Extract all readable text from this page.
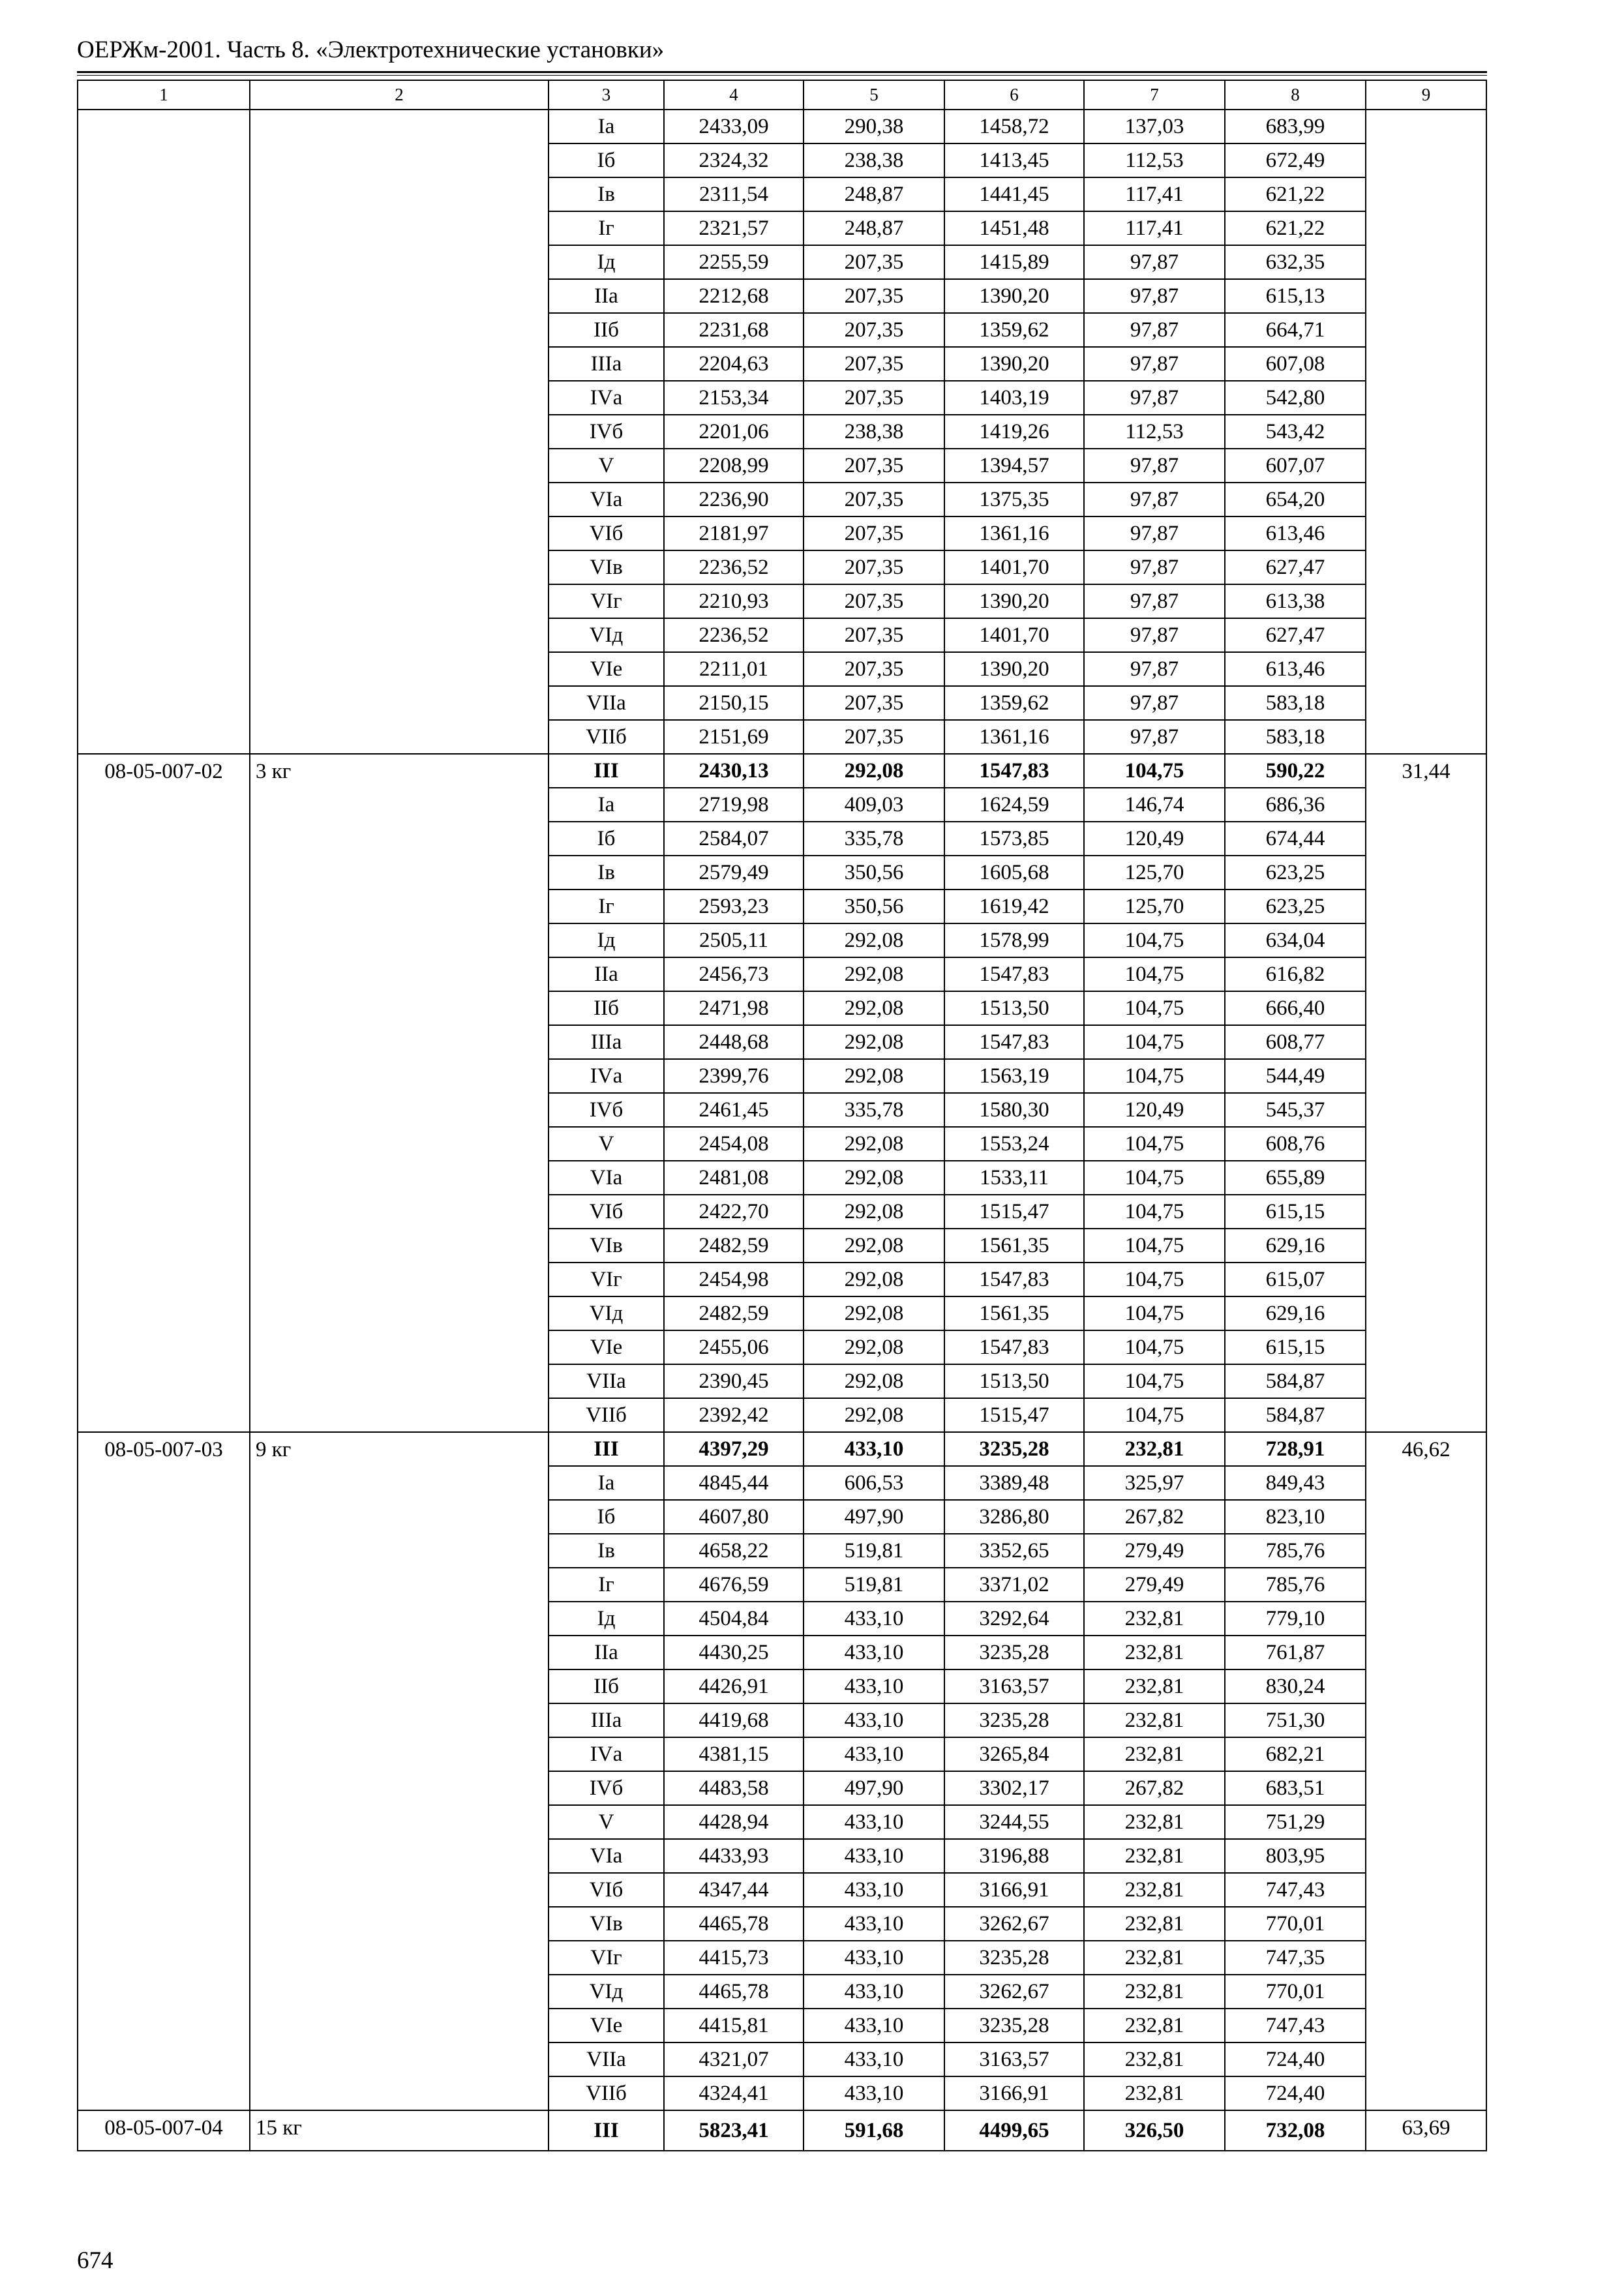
ОЕРЖм-2001. Часть 8. «Электротехнические установки»
1	2	3	4	5	6	7	8	9
		Iа	2433,09	290,38	1458,72	137,03	683,99	
		Iб	2324,32	238,38	1413,45	112,53	672,49	
		Iв	2311,54	248,87	1441,45	117,41	621,22	
		Iг	2321,57	248,87	1451,48	117,41	621,22	
		Iд	2255,59	207,35	1415,89	97,87	632,35	
		IIа	2212,68	207,35	1390,20	97,87	615,13	
		IIб	2231,68	207,35	1359,62	97,87	664,71	
		IIIа	2204,63	207,35	1390,20	97,87	607,08	
		IVа	2153,34	207,35	1403,19	97,87	542,80	
		IVб	2201,06	238,38	1419,26	112,53	543,42	
		V	2208,99	207,35	1394,57	97,87	607,07	
		VIа	2236,90	207,35	1375,35	97,87	654,20	
		VIб	2181,97	207,35	1361,16	97,87	613,46	
		VIв	2236,52	207,35	1401,70	97,87	627,47	
		VIг	2210,93	207,35	1390,20	97,87	613,38	
		VIд	2236,52	207,35	1401,70	97,87	627,47	
		VIе	2211,01	207,35	1390,20	97,87	613,46	
		VIIа	2150,15	207,35	1359,62	97,87	583,18	
		VIIб	2151,69	207,35	1361,16	97,87	583,18	
08-05-007-02	3 кг	III	2430,13	292,08	1547,83	104,75	590,22	31,44
		Iа	2719,98	409,03	1624,59	146,74	686,36	
		Iб	2584,07	335,78	1573,85	120,49	674,44	
		Iв	2579,49	350,56	1605,68	125,70	623,25	
		Iг	2593,23	350,56	1619,42	125,70	623,25	
		Iд	2505,11	292,08	1578,99	104,75	634,04	
		IIа	2456,73	292,08	1547,83	104,75	616,82	
		IIб	2471,98	292,08	1513,50	104,75	666,40	
		IIIа	2448,68	292,08	1547,83	104,75	608,77	
		IVа	2399,76	292,08	1563,19	104,75	544,49	
		IVб	2461,45	335,78	1580,30	120,49	545,37	
		V	2454,08	292,08	1553,24	104,75	608,76	
		VIа	2481,08	292,08	1533,11	104,75	655,89	
		VIб	2422,70	292,08	1515,47	104,75	615,15	
		VIв	2482,59	292,08	1561,35	104,75	629,16	
		VIг	2454,98	292,08	1547,83	104,75	615,07	
		VIд	2482,59	292,08	1561,35	104,75	629,16	
		VIе	2455,06	292,08	1547,83	104,75	615,15	
		VIIа	2390,45	292,08	1513,50	104,75	584,87	
		VIIб	2392,42	292,08	1515,47	104,75	584,87	
08-05-007-03	9 кг	III	4397,29	433,10	3235,28	232,81	728,91	46,62
		Iа	4845,44	606,53	3389,48	325,97	849,43	
		Iб	4607,80	497,90	3286,80	267,82	823,10	
		Iв	4658,22	519,81	3352,65	279,49	785,76	
		Iг	4676,59	519,81	3371,02	279,49	785,76	
		Iд	4504,84	433,10	3292,64	232,81	779,10	
		IIа	4430,25	433,10	3235,28	232,81	761,87	
		IIб	4426,91	433,10	3163,57	232,81	830,24	
		IIIа	4419,68	433,10	3235,28	232,81	751,30	
		IVа	4381,15	433,10	3265,84	232,81	682,21	
		IVб	4483,58	497,90	3302,17	267,82	683,51	
		V	4428,94	433,10	3244,55	232,81	751,29	
		VIа	4433,93	433,10	3196,88	232,81	803,95	
		VIб	4347,44	433,10	3166,91	232,81	747,43	
		VIв	4465,78	433,10	3262,67	232,81	770,01	
		VIг	4415,73	433,10	3235,28	232,81	747,35	
		VIд	4465,78	433,10	3262,67	232,81	770,01	
		VIе	4415,81	433,10	3235,28	232,81	747,43	
		VIIа	4321,07	433,10	3163,57	232,81	724,40	
		VIIб	4324,41	433,10	3166,91	232,81	724,40	
08-05-007-04	15 кг	III	5823,41	591,68	4499,65	326,50	732,08	63,69
674
